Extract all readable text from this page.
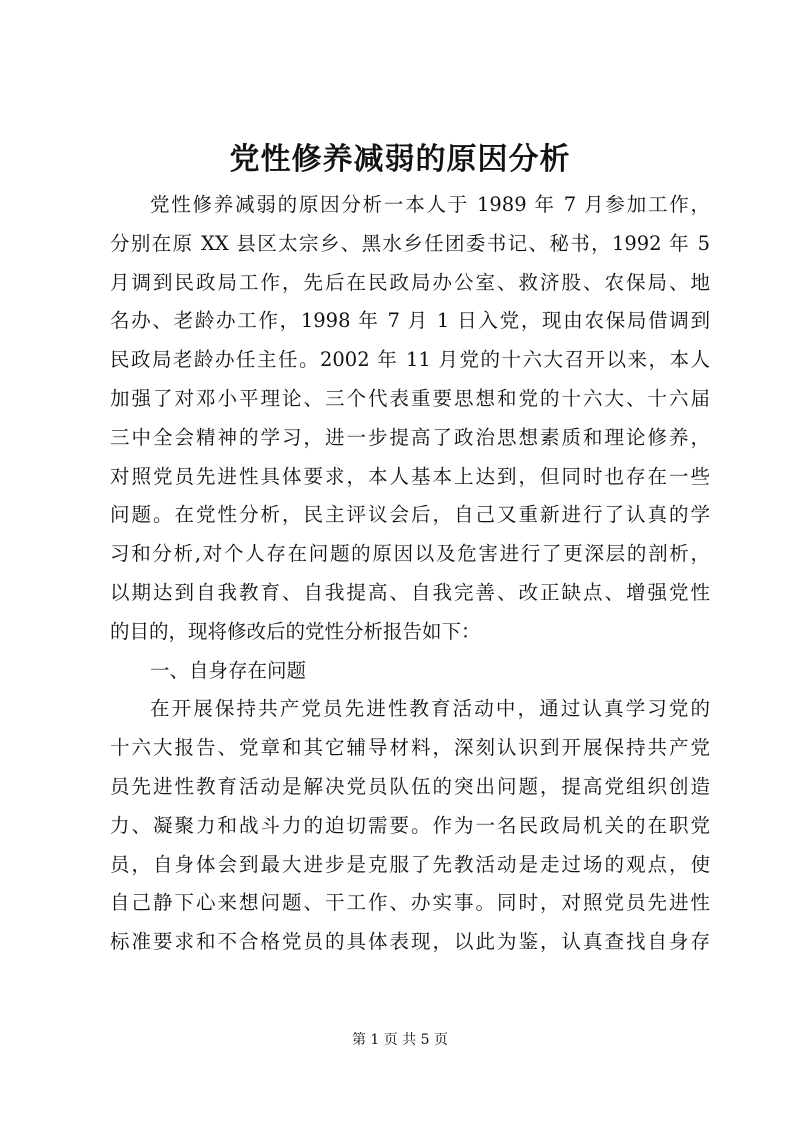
党性修养减弱的原因分析
党性修养减弱的原因分析一本人于 1989 年 7 月参加工作，
分别在原 XX 县区太宗乡、黑水乡任团委书记、秘书，1992 年 5
月调到民政局工作，先后在民政局办公室、救济股、农保局、地
名办、老龄办工作，1998 年 7 月 1 日入党，现由农保局借调到
民政局老龄办任主任。2002 年 11 月党的十六大召开以来，本人
加强了对邓小平理论、三个代表重要思想和党的十六大、十六届
三中全会精神的学习，进一步提高了政治思想素质和理论修养，
对照党员先进性具体要求，本人基本上达到，但同时也存在一些
问题。在党性分析，民主评议会后，自己又重新进行了认真的学
习和分析,对个人存在问题的原因以及危害进行了更深层的剖析，
以期达到自我教育、自我提高、自我完善、改正缺点、增强党性
的目的，现将修改后的党性分析报告如下：
一、自身存在问题
在开展保持共产党员先进性教育活动中，通过认真学习党的
十六大报告、党章和其它辅导材料，深刻认识到开展保持共产党
员先进性教育活动是解决党员队伍的突出问题，提高党组织创造
力、凝聚力和战斗力的迫切需要。作为一名民政局机关的在职党
员，自身体会到最大进步是克服了先教活动是走过场的观点，使
自己静下心来想问题、干工作、办实事。同时，对照党员先进性
标准要求和不合格党员的具体表现，以此为鉴，认真查找自身存
第 1 页 共 5 页
